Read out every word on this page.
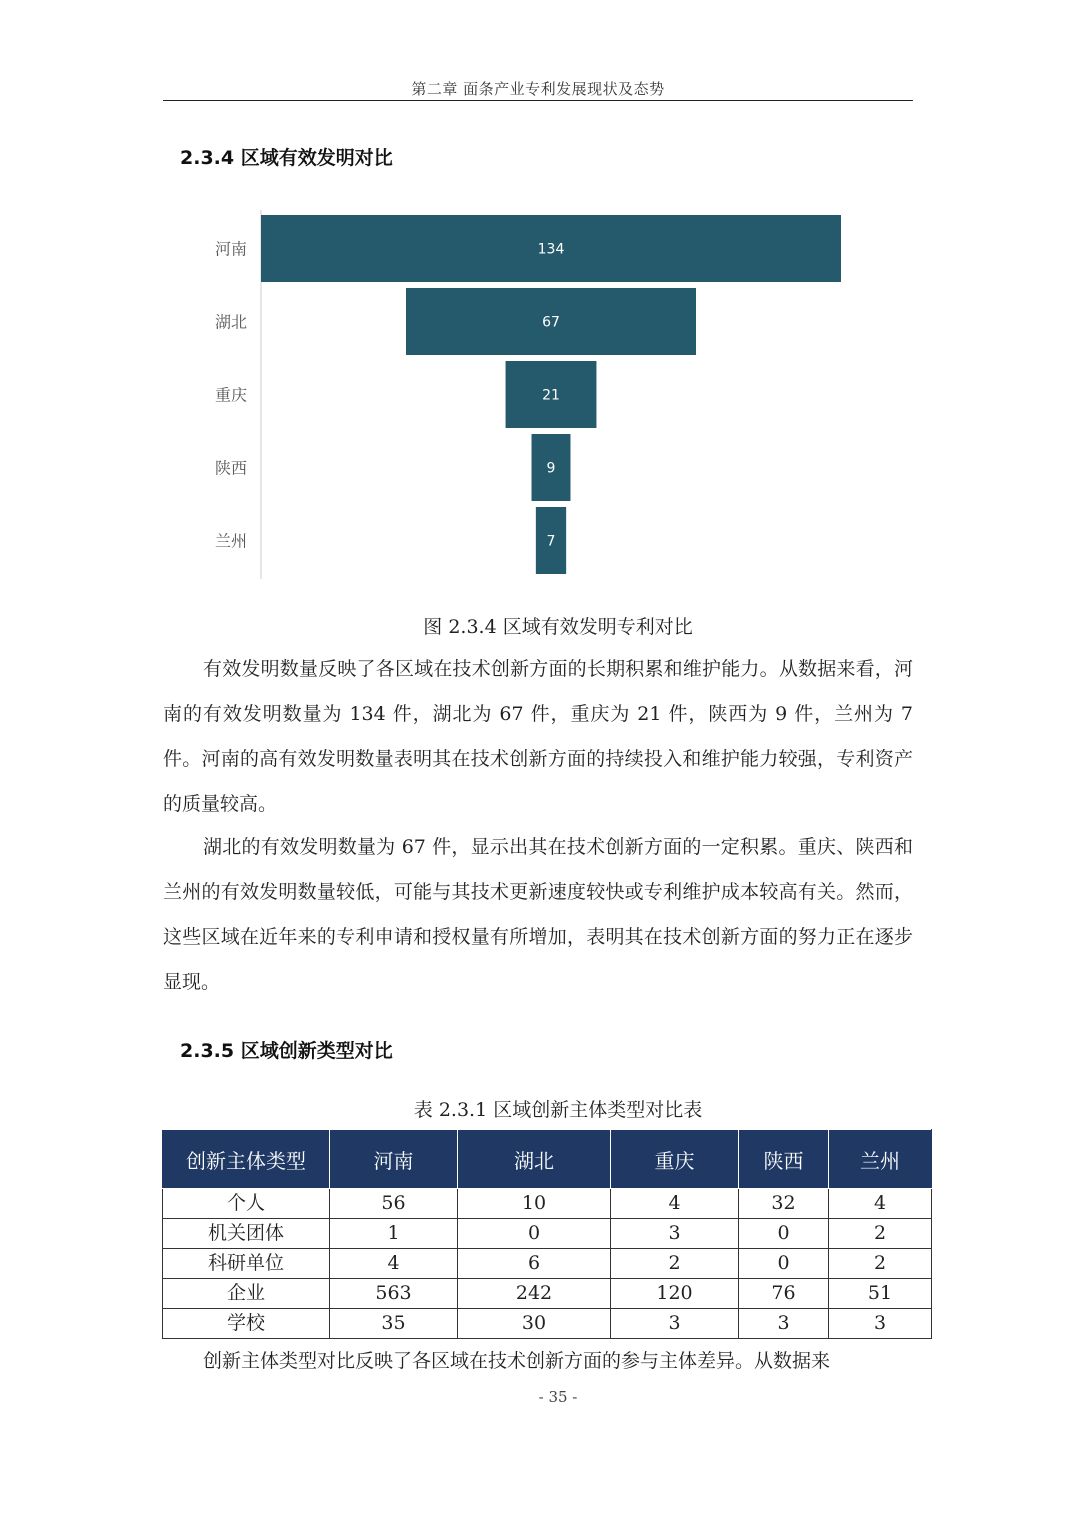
第二章 面条产业专利发展现状及态势
2.3.4 区域有效发明对比
河南	134
湖北	67
重庆	21
陕西	9
兰州	7
图 2.3.4 区域有效发明专利对比

有效发明数量反映了各区域在技术创新方面的长期积累和维护能力。从数据来看，河南的有效发明数量为 134 件，湖北为 67 件，重庆为 21 件，陕西为 9 件，兰州为 7 件。河南的高有效发明数量表明其在技术创新方面的持续投入和维护能力较强，专利资产的质量较高。

湖北的有效发明数量为 67 件，显示出其在技术创新方面的一定积累。重庆、陕西和兰州的有效发明数量较低，可能与其技术更新速度较快或专利维护成本较高有关。然而，这些区域在近年来的专利申请和授权量有所增加，表明其在技术创新方面的努力正在逐步显现。

2.3.5 区域创新类型对比
表 2.3.1 区域创新主体类型对比表
创新主体类型	河南	湖北	重庆	陕西	兰州
个人	56	10	4	32	4
机关团体	1	0	3	0	2
科研单位	4	6	2	0	2
企业	563	242	120	76	51
学校	35	30	3	3	3

创新主体类型对比反映了各区域在技术创新方面的参与主体差异。从数据来

- 35 -
